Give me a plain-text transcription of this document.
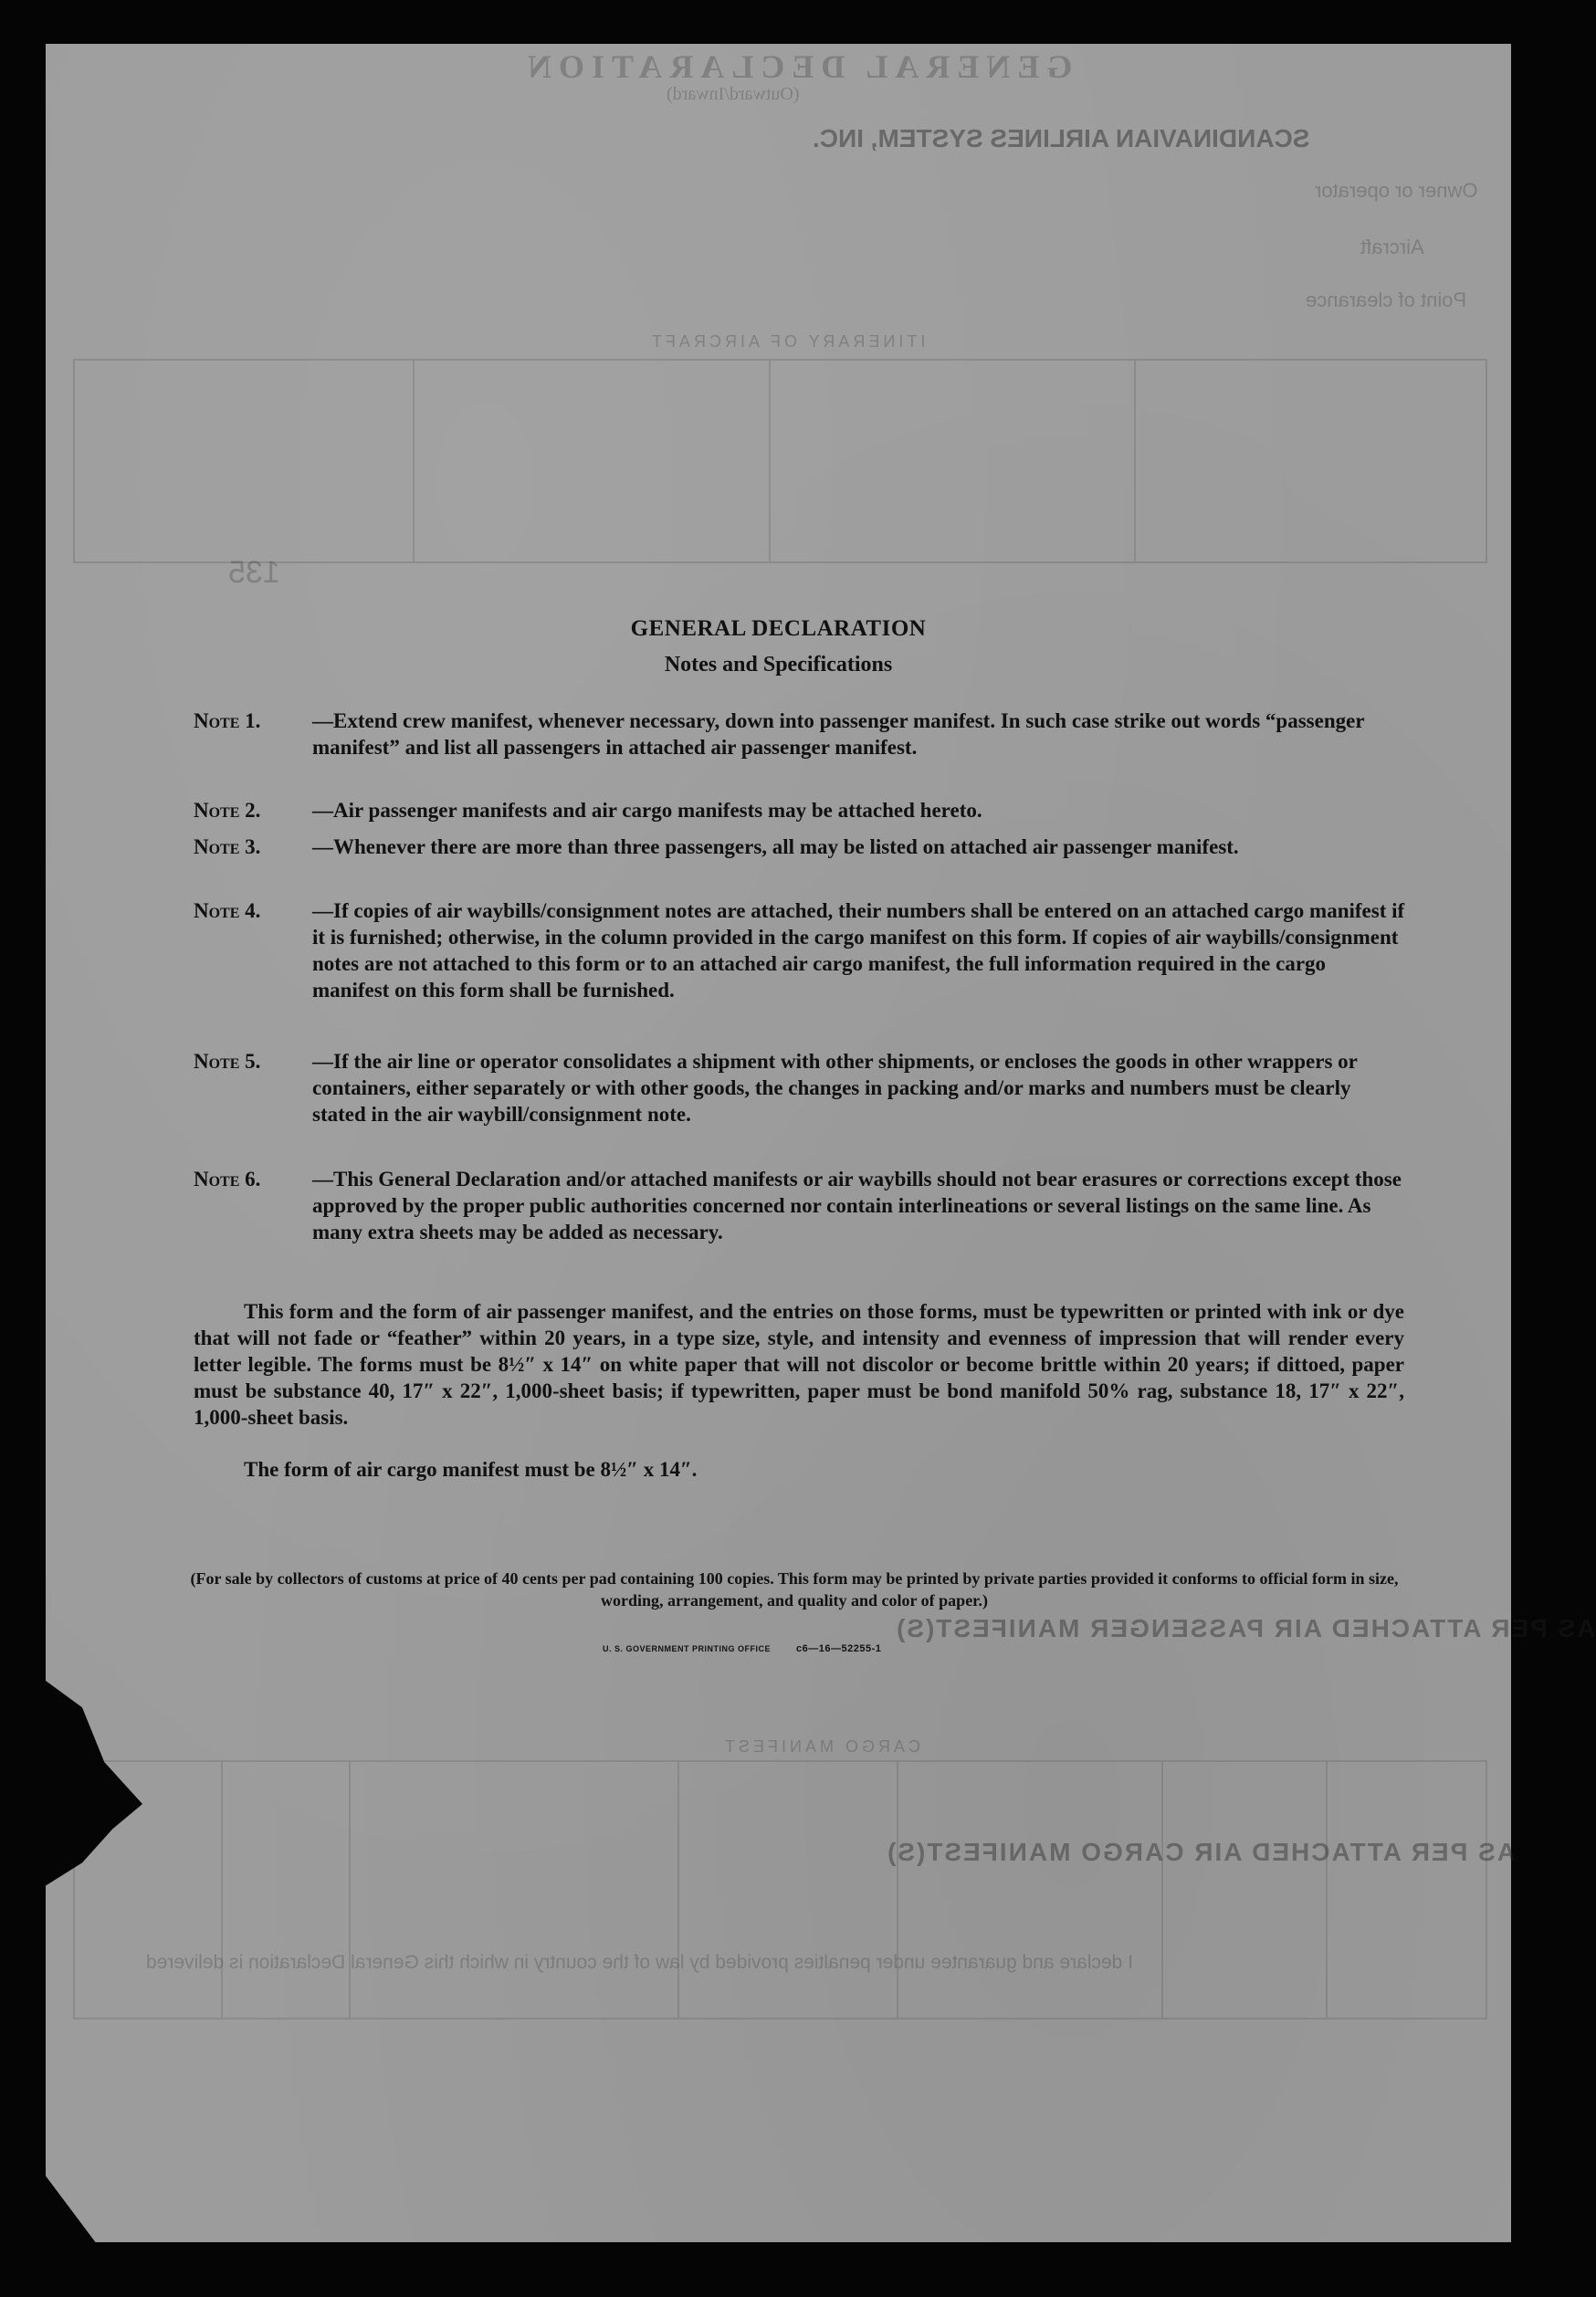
GENERAL DECLARATION
(Outward/Inward)
SCANDINAVIAN AIRLINES SYSTEM, INC.
Owner or operator
Aircraft
Point of clearance
ITINERARY OF AIRCRAFT
135
AS PER ATTACHED AIR PASSENGER MANIFEST(S)
CARGO MANIFEST
AS PER ATTACHED AIR CARGO MANIFEST(S)
I declare and guarantee under penalties provided by law of the country in which this General Declaration is delivered
GENERAL DECLARATION
Notes and Specifications
Note 1.	—Extend crew manifest, whenever necessary, down into passenger manifest. In such case strike out words “passenger manifest” and list all passengers in attached air passenger manifest.
Note 2.	—Air passenger manifests and air cargo manifests may be attached hereto.
Note 3.	—Whenever there are more than three passengers, all may be listed on attached air passenger manifest.
Note 4.	—If copies of air waybills/consignment notes are attached, their numbers shall be entered on an attached cargo manifest if it is furnished; otherwise, in the column provided in the cargo manifest on this form. If copies of air waybills/consignment notes are not attached to this form or to an attached air cargo manifest, the full information required in the cargo manifest on this form shall be furnished.
Note 5.	—If the air line or operator consolidates a shipment with other shipments, or encloses the goods in other wrappers or containers, either separately or with other goods, the changes in packing and/or marks and numbers must be clearly stated in the air waybill/consignment note.
Note 6.	—This General Declaration and/or attached manifests or air waybills should not bear erasures or corrections except those approved by the proper public authorities concerned nor contain interlineations or several listings on the same line. As many extra sheets may be added as necessary.
This form and the form of air passenger manifest, and the entries on those forms, must be typewritten or printed with ink or dye that will not fade or “feather” within 20 years, in a type size, style, and intensity and evenness of impression that will render every letter legible. The forms must be 8½″ x 14″ on white paper that will not discolor or become brittle within 20 years; if dittoed, paper must be substance 40, 17″ x 22″, 1,000-sheet basis; if typewritten, paper must be bond manifold 50% rag, substance 18, 17″ x 22″, 1,000-sheet basis.
The form of air cargo manifest must be 8½″ x 14″.
(For sale by collectors of customs at price of 40 cents per pad containing 100 copies. This form may be printed by private parties provided it conforms to official form in size, wording, arrangement, and quality and color of paper.)
U. S. GOVERNMENT PRINTING OFFICE	c6—16—52255-1
